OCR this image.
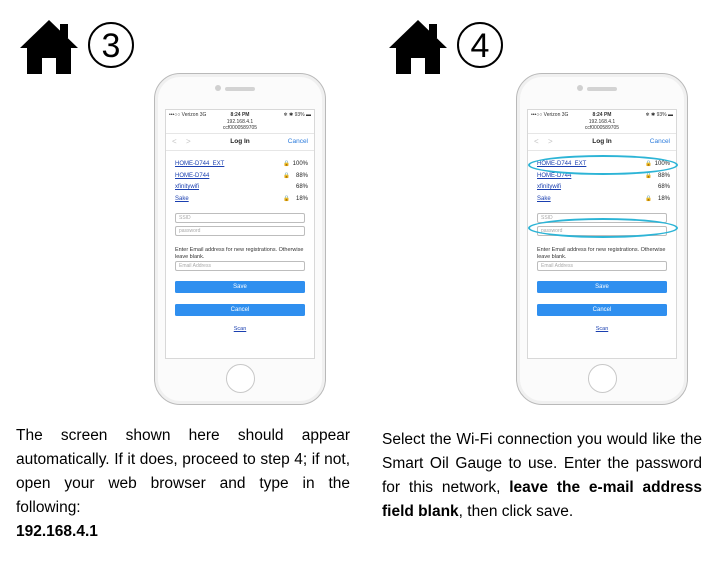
3
•••○○ Verizon 3G	8:24 PM	❄ ✱ 93% ▬
192.168.4.1
ccf0000589705
< >	Log In	Cancel
HOME-D744_EXT	🔒 100%
HOME-D744	🔒 88%
xfinitywifi	68%
Sake	🔒 18%
SSID
password
Enter Email address for new registrations. Otherwise leave blank.
Email Address
Save
Cancel
Scan
The screen shown here should appear automatically. If it does, proceed to step 4; if not, open your web browser and type in the following:
192.168.4.1
4
•••○○ Verizon 3G	8:24 PM	❄ ✱ 93% ▬
192.168.4.1
ccf0000589705
< >	Log In	Cancel
HOME-D744_EXT	🔒 100%
HOME-D744	🔒 88%
xfinitywifi	68%
Sake	🔒 18%
SSID
password
Enter Email address for new registrations. Otherwise leave blank.
Email Address
Save
Cancel
Scan
Select the Wi-Fi connection you would like the Smart Oil Gauge to use. Enter the password for this network, leave the e-mail address field blank, then click save.
